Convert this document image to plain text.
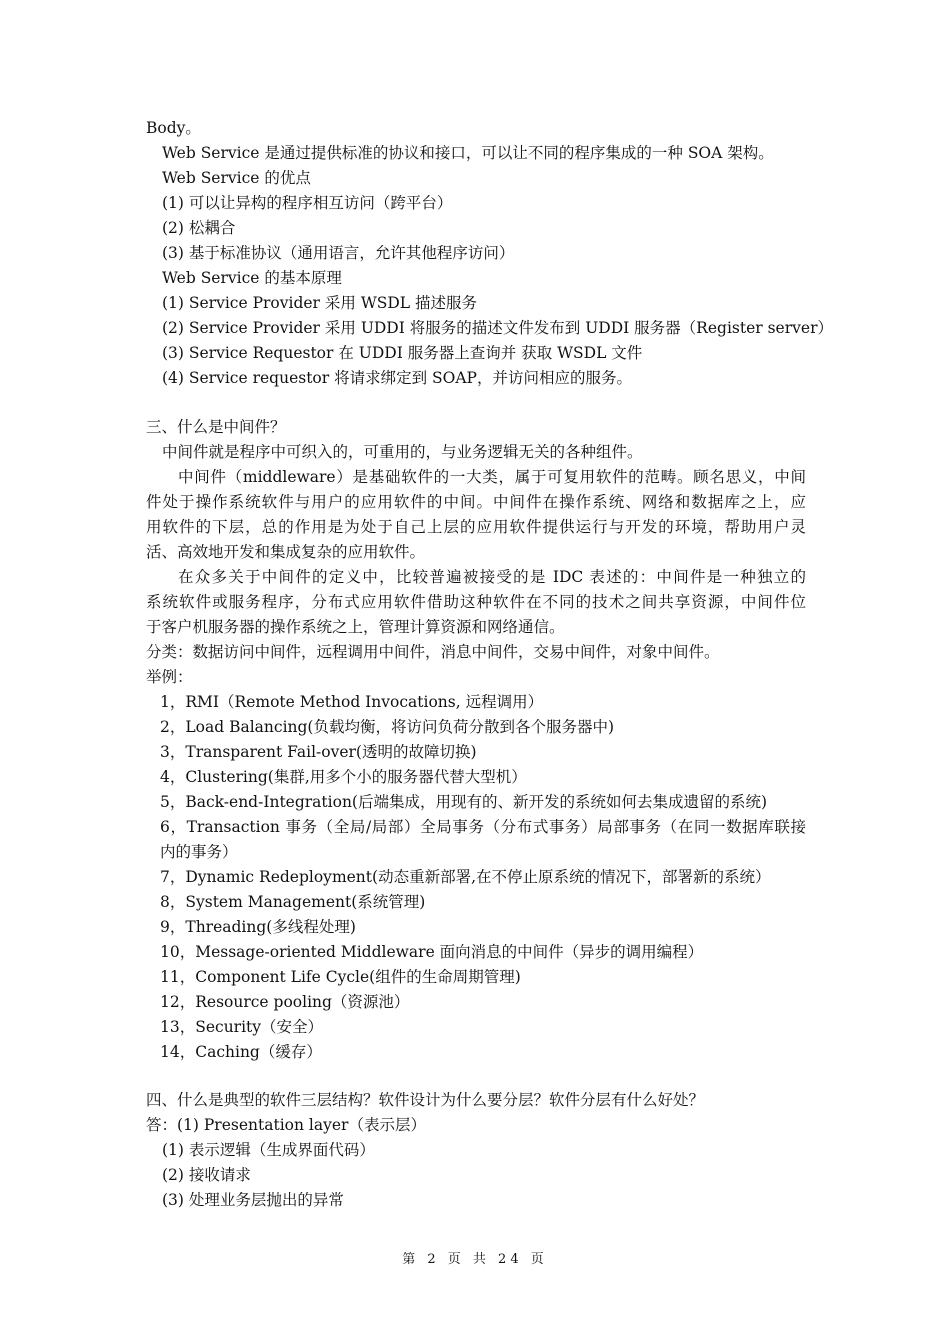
Body。
Web Service 是通过提供标准的协议和接口，可以让不同的程序集成的一种 SOA 架构。
Web Service 的优点
(1) 可以让异构的程序相互访问（跨平台）
(2) 松耦合
(3) 基于标准协议（通用语言，允许其他程序访问）
Web Service 的基本原理
(1) Service Provider 采用 WSDL 描述服务
(2) Service Provider 采用 UDDI 将服务的描述文件发布到 UDDI 服务器（Register server）
(3) Service Requestor 在 UDDI 服务器上查询并 获取 WSDL 文件
(4) Service requestor 将请求绑定到 SOAP，并访问相应的服务。
三、什么是中间件？
中间件就是程序中可织入的，可重用的，与业务逻辑无关的各种组件。
中间件（middleware）是基础软件的一大类，属于可复用软件的范畴。顾名思义，中间
件处于操作系统软件与用户的应用软件的中间。中间件在操作系统、网络和数据库之上，应
用软件的下层，总的作用是为处于自己上层的应用软件提供运行与开发的环境，帮助用户灵
活、高效地开发和集成复杂的应用软件。
在众多关于中间件的定义中，比较普遍被接受的是 IDC 表述的：中间件是一种独立的
系统软件或服务程序，分布式应用软件借助这种软件在不同的技术之间共享资源，中间件位
于客户机服务器的操作系统之上，管理计算资源和网络通信。
分类：数据访问中间件，远程调用中间件，消息中间件，交易中间件，对象中间件。
举例：
1，RMI（Remote Method Invocations, 远程调用）
2，Load Balancing(负载均衡，将访问负荷分散到各个服务器中)
3，Transparent Fail-over(透明的故障切换)
4，Clustering(集群,用多个小的服务器代替大型机）
5，Back-end-Integration(后端集成，用现有的、新开发的系统如何去集成遗留的系统)
6，Transaction 事务（全局/局部）全局事务（分布式事务）局部事务（在同一数据库联接
内的事务）
7，Dynamic Redeployment(动态重新部署,在不停止原系统的情况下，部署新的系统）
8，System Management(系统管理)
9，Threading(多线程处理)
10，Message-oriented Middleware 面向消息的中间件（异步的调用编程）
11，Component Life Cycle(组件的生命周期管理)
12，Resource pooling（资源池）
13，Security（安全）
14，Caching（缓存）
四、什么是典型的软件三层结构？软件设计为什么要分层？软件分层有什么好处？
答：(1) Presentation layer（表示层）
(1) 表示逻辑（生成界面代码）
(2) 接收请求
(3) 处理业务层抛出的异常
第 2 页 共 24 页
